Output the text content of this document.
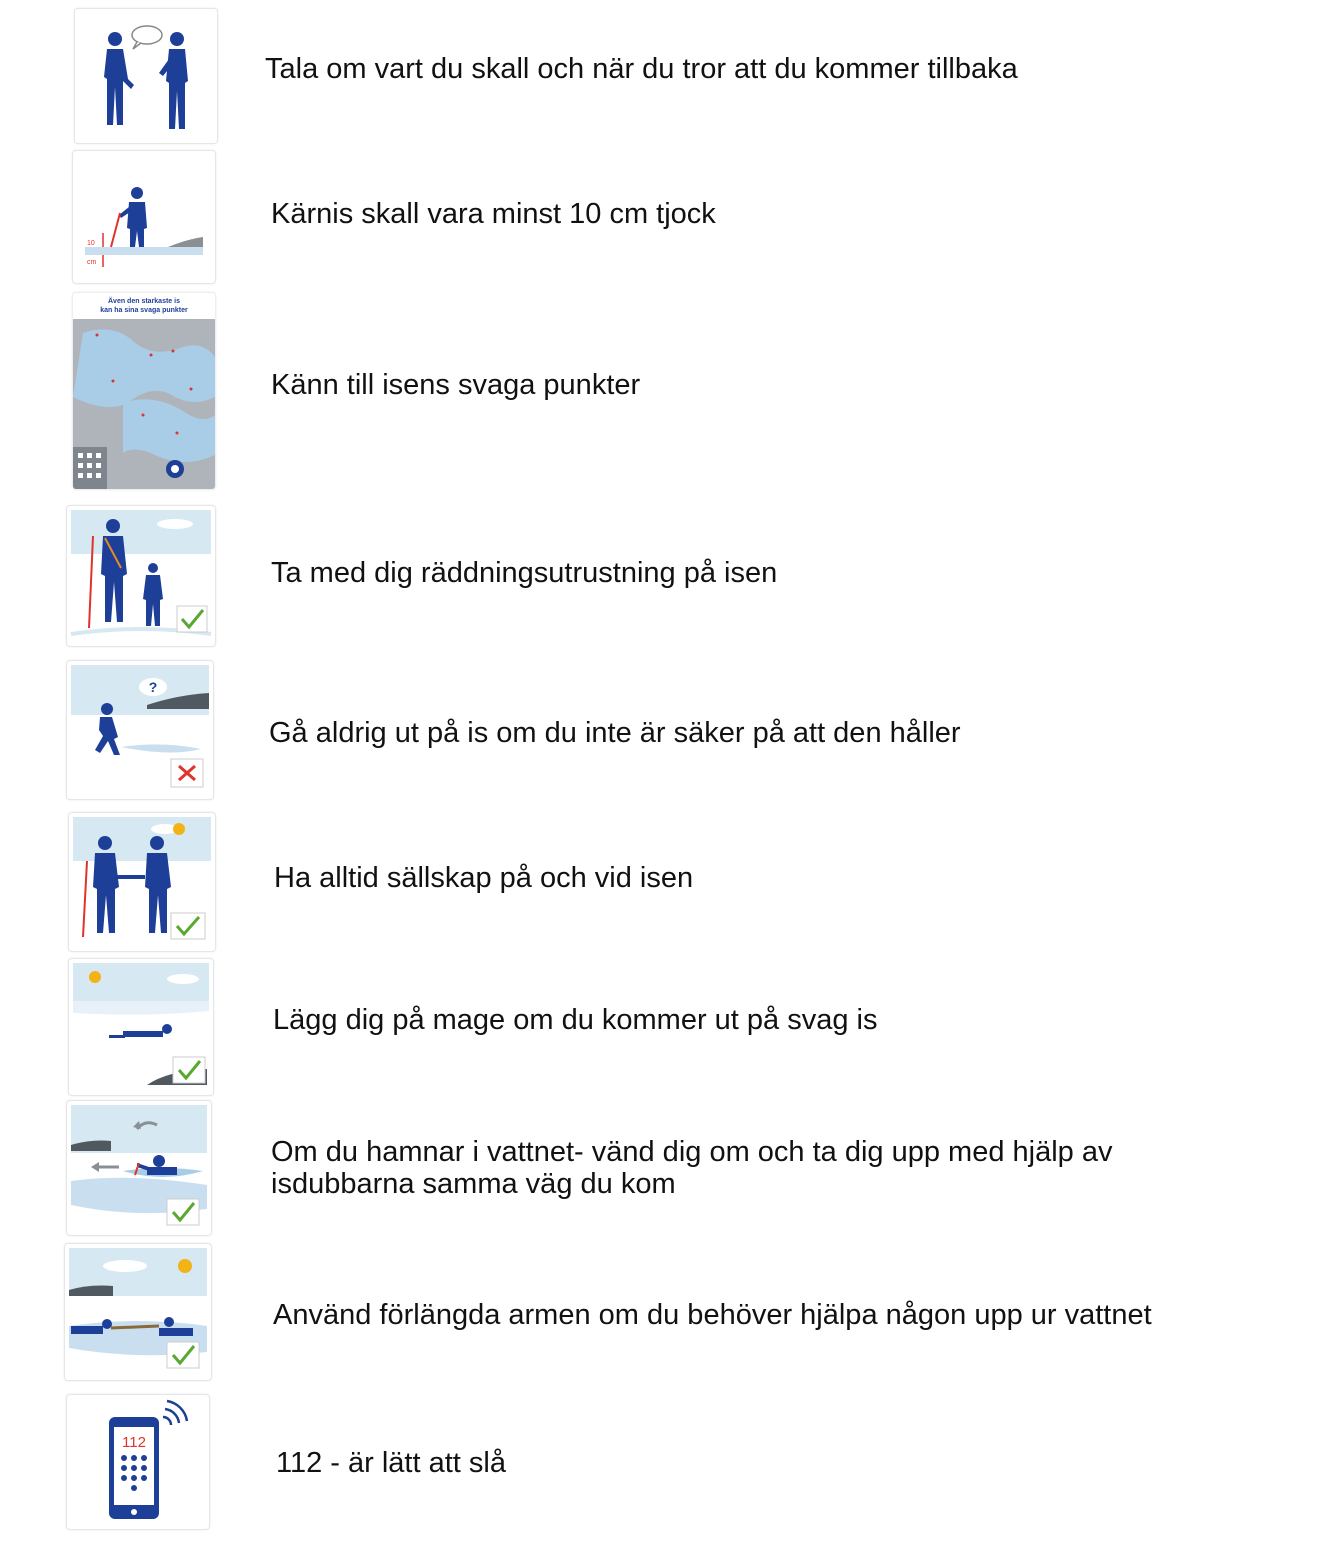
Tala om vart du skall och när du tror att du kommer tillbaka
10
cm
Kärnis skall vara minst 10 cm tjock
Även den starkaste is
kan ha sina svaga punkter
Känn till isens svaga punkter
Ta med dig räddningsutrustning på isen
?
Gå aldrig ut på is om du inte är säker på att den håller
Ha alltid sällskap på och vid isen
Lägg dig på mage om du kommer ut på svag is
Om du hamnar i vattnet- vänd dig om och ta dig upp med hjälp av
isdubbarna samma väg du kom
Använd förlängda armen om du behöver hjälpa någon upp ur vattnet
112
112 - är lätt att slå
